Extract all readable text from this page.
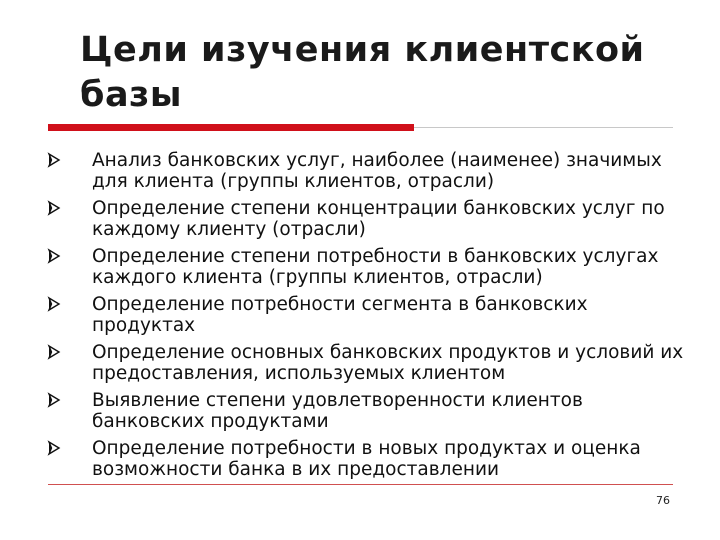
Цели изучения клиентской базы
Анализ банковских услуг, наиболее (наименее) значимых для клиента (группы клиентов, отрасли)
Определение степени концентрации банковских услуг по каждому клиенту (отрасли)
Определение степени потребности в банковских услугах каждого клиента (группы клиентов, отрасли)
Определение потребности сегмента в банковских продуктах
Определение основных банковских продуктов и условий их предоставления, используемых клиентом
Выявление степени удовлетворенности клиентов банковских продуктами
Определение потребности в новых продуктах и оценка возможности банка в их предоставлении
76
